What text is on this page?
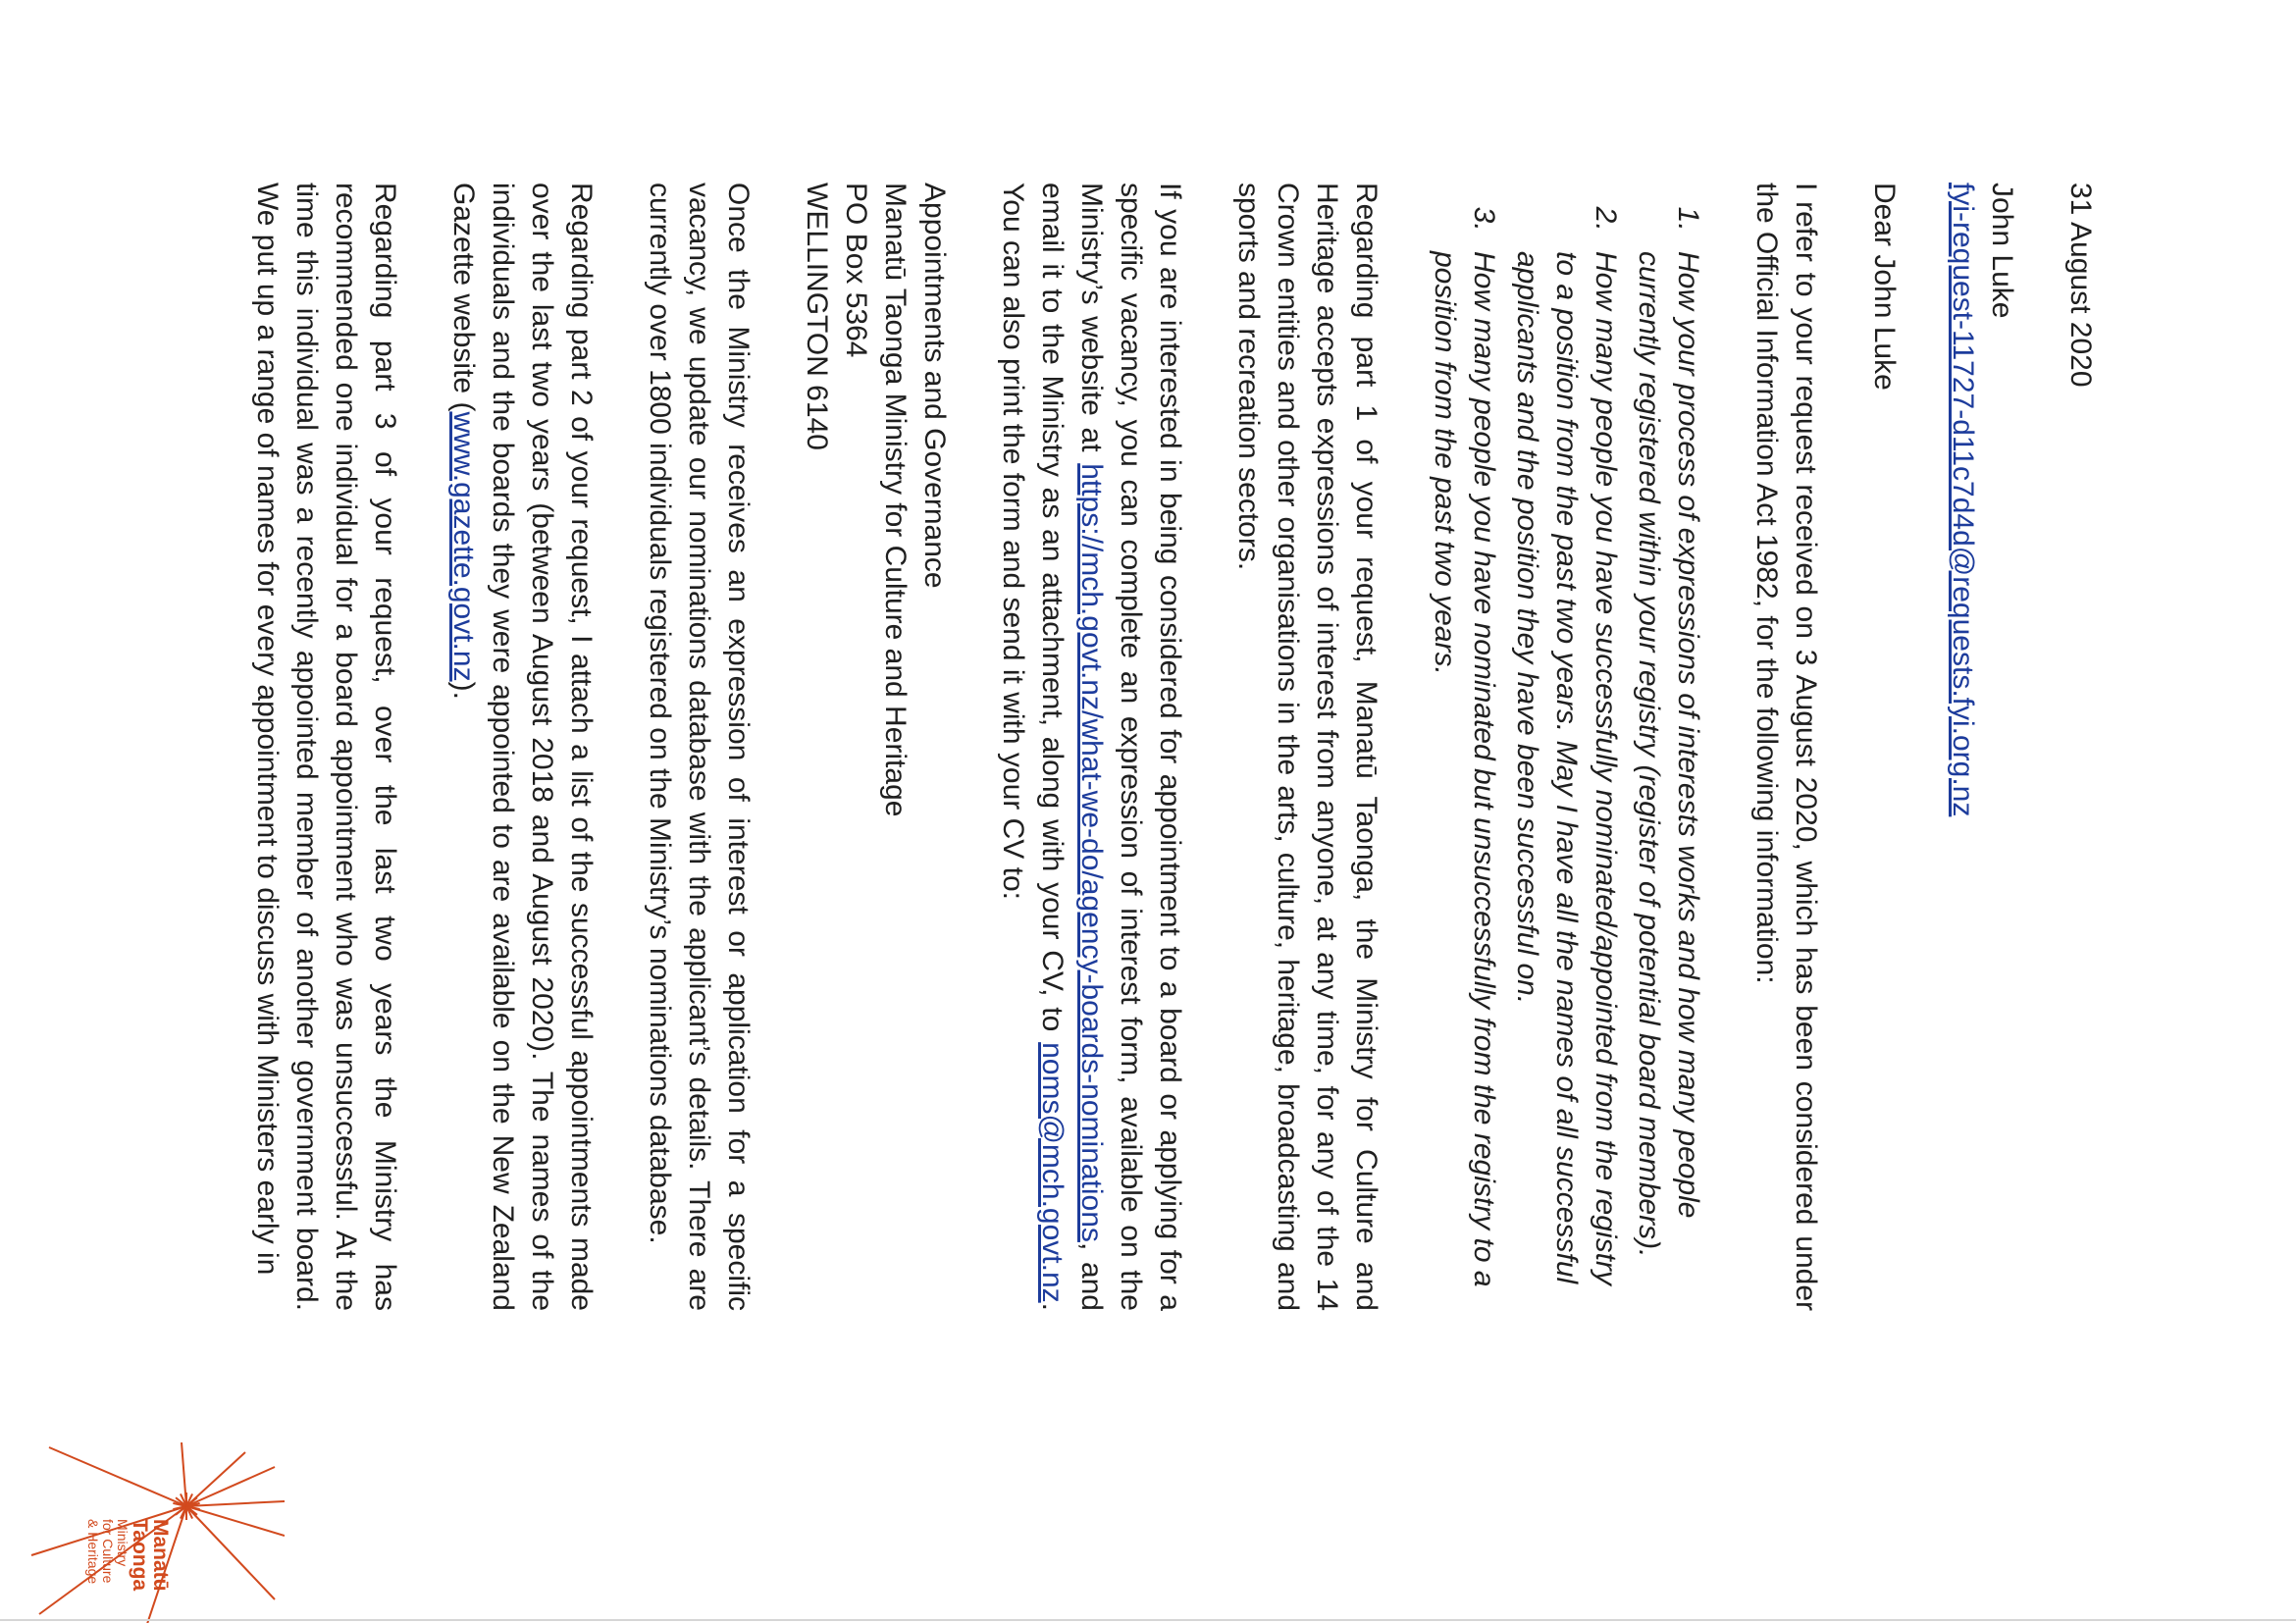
31 August 2020
John Luke
fyi-request-11727-d11c7d4d@requests.fyi.org.nz
Dear John Luke

I refer to your request received on 3 August 2020, which has been considered under the Official Information Act 1982, for the following information:

1. How your process of expressions of interests works and how many people currently registered within your registry (register of potential board members).
2. How many people you have successfully nominated/appointed from the registry to a position from the past two years. May I have all the names of all successful applicants and the position they have been successful on.
3. How many people you have nominated but unsuccessfully from the registry to a position from the past two years.

Regarding part 1 of your request, Manatū Taonga, the Ministry for Culture and Heritage accepts expressions of interest from anyone, at any time, for any of the 14 Crown entities and other organisations in the arts, culture, heritage, broadcasting and sports and recreation sectors.

If you are interested in being considered for appointment to a board or applying for a specific vacancy, you can complete an expression of interest form, available on the Ministry’s website at https://mch.govt.nz/what-we-do/agency-boards-nominations, and email it to the Ministry as an attachment, along with your CV, to noms@mch.govt.nz. You can also print the form and send it with your CV to:

Appointments and Governance
Manatū Taonga Ministry for Culture and Heritage
PO Box 5364
WELLINGTON 6140

Once the Ministry receives an expression of interest or application for a specific vacancy, we update our nominations database with the applicant’s details. There are currently over 1800 individuals registered on the Ministry’s nominations database.

Regarding part 2 of your request, I attach a list of the successful appointments made over the last two years (between August 2018 and August 2020). The names of the individuals and the boards they were appointed to are available on the New Zealand Gazette website (www.gazette.govt.nz).

Regarding part 3 of your request, over the last two years the Ministry has recommended one individual for a board appointment who was unsuccessful. At the time this individual was a recently appointed member of another government board. We put up a range of names for every appointment to discuss with Ministers early in

Manatū
Taonga
Ministry
for Culture
& Heritage
